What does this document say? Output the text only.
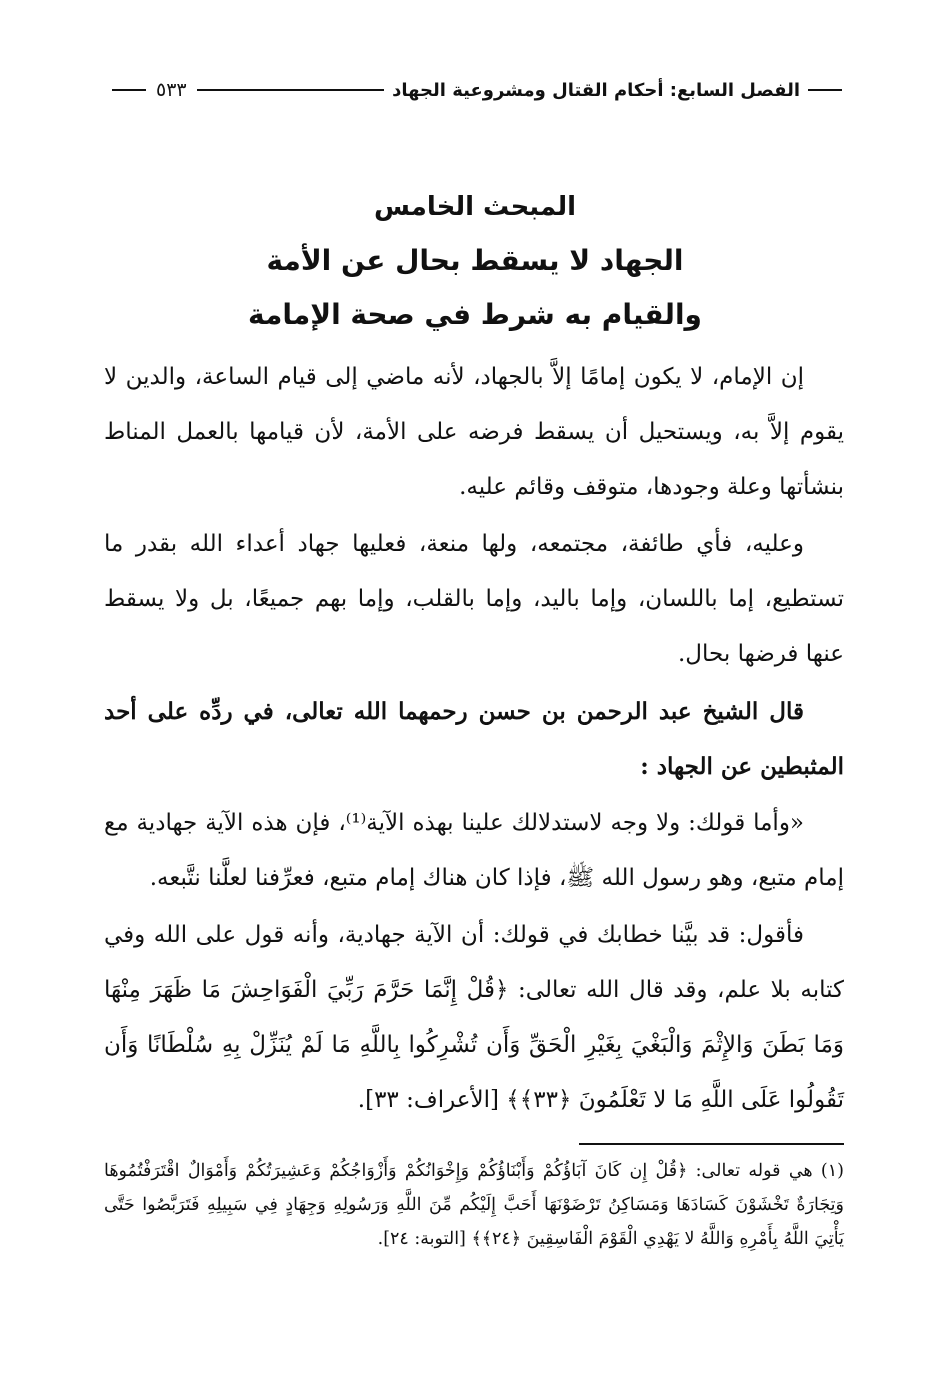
الفصل السابع: أحكام القتال ومشروعية الجهاد
٥٣٣
المبحث الخامس
الجهاد لا يسقط بحال عن الأمة
والقيام به شرط في صحة الإمامة

إن الإمام، لا يكون إمامًا إلاَّ بالجهاد، لأنه ماضي إلى قيام الساعة، والدين لا يقوم إلاَّ به، ويستحيل أن يسقط فرضه على الأمة، لأن قيامها بالعمل المناط بنشأتها وعلة وجودها، متوقف وقائم عليه.

وعليه، فأي طائفة، مجتمعه، ولها منعة، فعليها جهاد أعداء الله بقدر ما تستطيع، إما باللسان، وإما باليد، وإما بالقلب، وإما بهم جميعًا، بل ولا يسقط عنها فرضها بحال.

قال الشيخ عبد الرحمن بن حسن رحمهما الله تعالى، في ردِّه على أحد المثبطين عن الجهاد :

«وأما قولك: ولا وجه لاستدلالك علينا بهذه الآية⁽¹⁾، فإن هذه الآية جهادية مع إمام متبع، وهو رسول الله ﷺ، فإذا كان هناك إمام متبع، فعرِّفنا لعلَّنا نتَّبعه.

فأقول: قد بيَّنا خطابك في قولك: أن الآية جهادية، وأنه قول على الله وفي كتابه بلا علم، وقد قال الله تعالى: ﴿قُلْ إِنَّمَا حَرَّمَ رَبِّيَ الْفَوَاحِشَ مَا ظَهَرَ مِنْهَا وَمَا بَطَنَ وَالإِثْمَ وَالْبَغْيَ بِغَيْرِ الْحَقِّ وَأَن تُشْرِكُوا بِاللَّهِ مَا لَمْ يُنَزِّلْ بِهِ سُلْطَانًا وَأَن تَقُولُوا عَلَى اللَّهِ مَا لا تَعْلَمُونَ ﴿٣٣﴾﴾ [الأعراف: ٣٣].

(١) هي قوله تعالى: ﴿قُلْ إِن كَانَ آبَاؤُكُمْ وَأَبْنَاؤُكُمْ وَإِخْوَانُكُمْ وَأَزْوَاجُكُمْ وَعَشِيرَتُكُمْ وَأَمْوَالٌ اقْتَرَفْتُمُوهَا وَتِجَارَةٌ تَخْشَوْنَ كَسَادَهَا وَمَسَاكِنُ تَرْضَوْنَهَا أَحَبَّ إِلَيْكُم مِّنَ اللَّهِ وَرَسُولِهِ وَجِهَادٍ فِي سَبِيلِهِ فَتَرَبَّصُوا حَتَّى يَأْتِيَ اللَّهُ بِأَمْرِهِ وَاللَّهُ لا يَهْدِي الْقَوْمَ الْفَاسِقِينَ ﴿٢٤﴾﴾ [التوبة: ٢٤].
